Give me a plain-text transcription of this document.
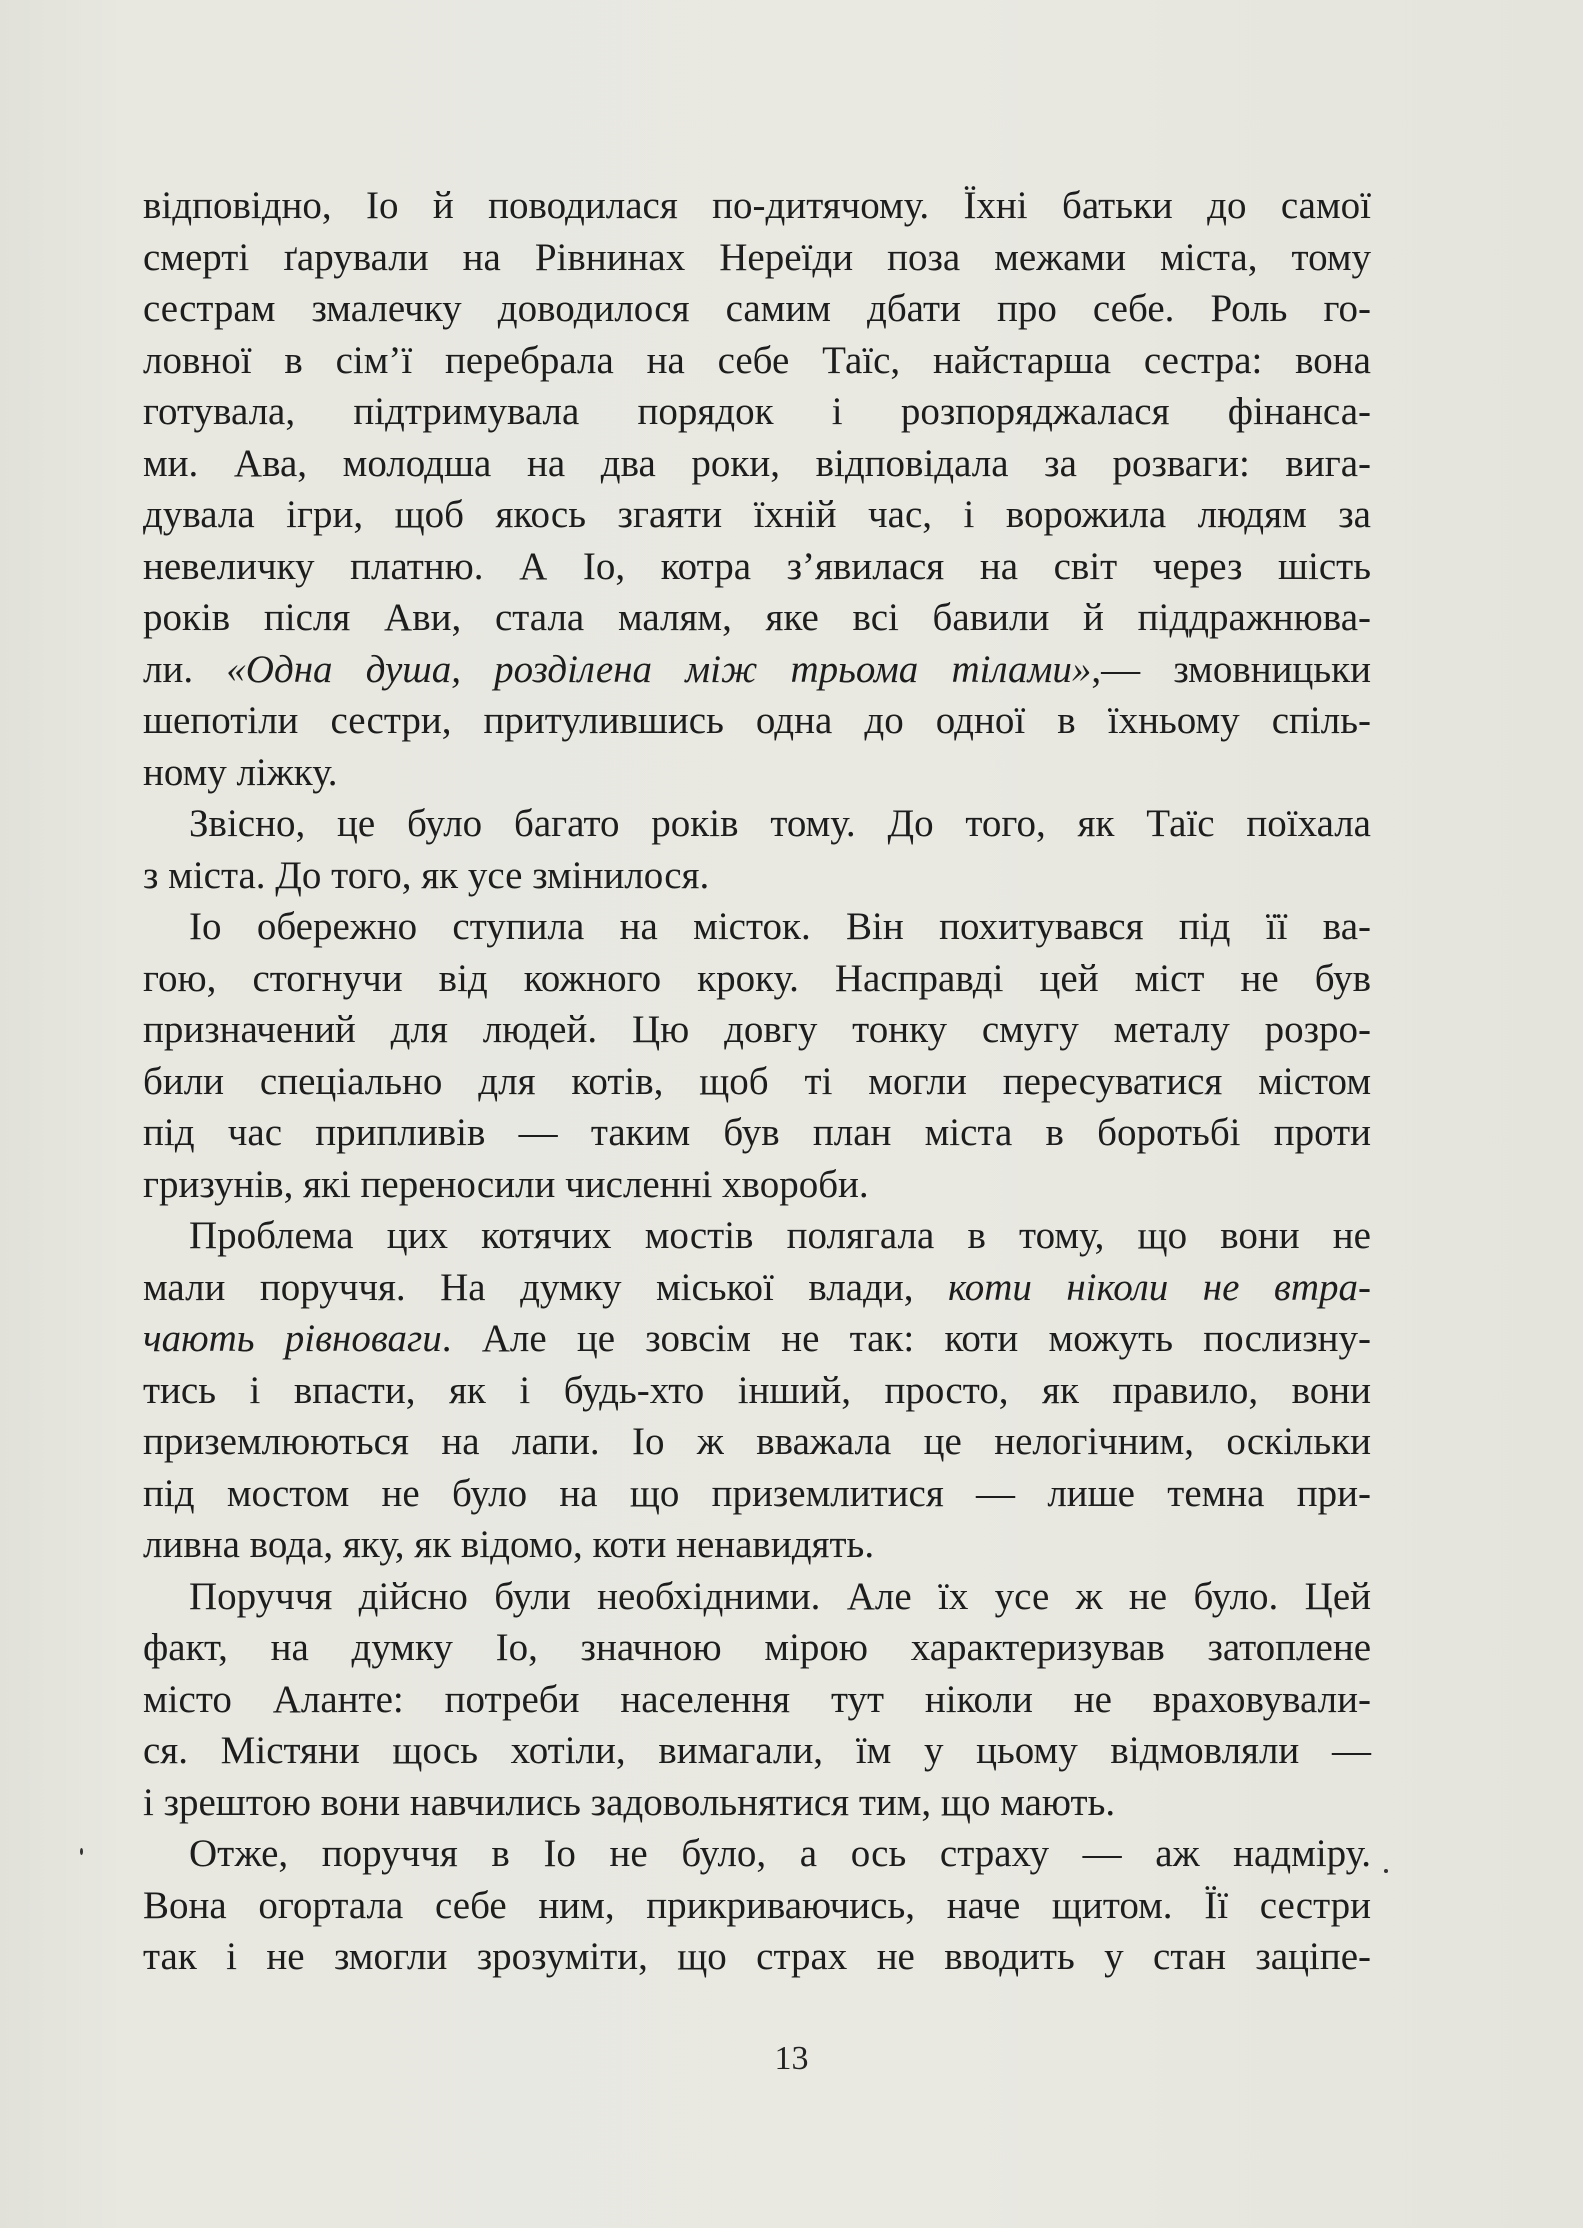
відповідно, Іо й поводилася по-дитячому. Їхні батьки до самої
смерті ґарували на Рівнинах Нереїди поза межами міста, тому
сестрам змалечку доводилося самим дбати про себе. Роль го-
ловної в сім’ї перебрала на себе Таїс, найстарша сестра: вона
готувала, підтримувала порядок і розпоряджалася фінанса-
ми. Ава, молодша на два роки, відповідала за розваги: вига-
дувала ігри, щоб якось згаяти їхній час, і ворожила людям за
невеличку платню. А Іо, котра з’явилася на світ через шість
років після Ави, стала малям, яке всі бавили й піддражнюва-
ли. «Одна душа, розділена між трьома тілами»,— змовницьки
шепотіли сестри, притулившись одна до одної в їхньому спіль-
ному ліжку.

Звісно, це було багато років тому. До того, як Таїс поїхала
з міста. До того, як усе змінилося.

Іо обережно ступила на місток. Він похитувався під її ва-
гою, стогнучи від кожного кроку. Насправді цей міст не був
призначений для людей. Цю довгу тонку смугу металу розро-
били спеціально для котів, щоб ті могли пересуватися містом
під час припливів — таким був план міста в боротьбі проти
гризунів, які переносили численні хвороби.

Проблема цих котячих мостів полягала в тому, що вони не
мали поруччя. На думку міської влади, коти ніколи не втра-
чають рівноваги. Але це зовсім не так: коти можуть послизну-
тись і впасти, як і будь-хто інший, просто, як правило, вони
приземлюються на лапи. Іо ж вважала це нелогічним, оскільки
під мостом не було на що приземлитися — лише темна при-
ливна вода, яку, як відомо, коти ненавидять.

Поруччя дійсно були необхідними. Але їх усе ж не було. Цей
факт, на думку Іо, значною мірою характеризував затоплене
місто Аланте: потреби населення тут ніколи не враховували-
ся. Містяни щось хотіли, вимагали, їм у цьому відмовляли —
і зрештою вони навчились задовольнятися тим, що мають.

Отже, поруччя в Іо не було, а ось страху — аж надміру.
Вона огортала себе ним, прикриваючись, наче щитом. Її сестри
так і не змогли зрозуміти, що страх не вводить у стан заціпе-

13
